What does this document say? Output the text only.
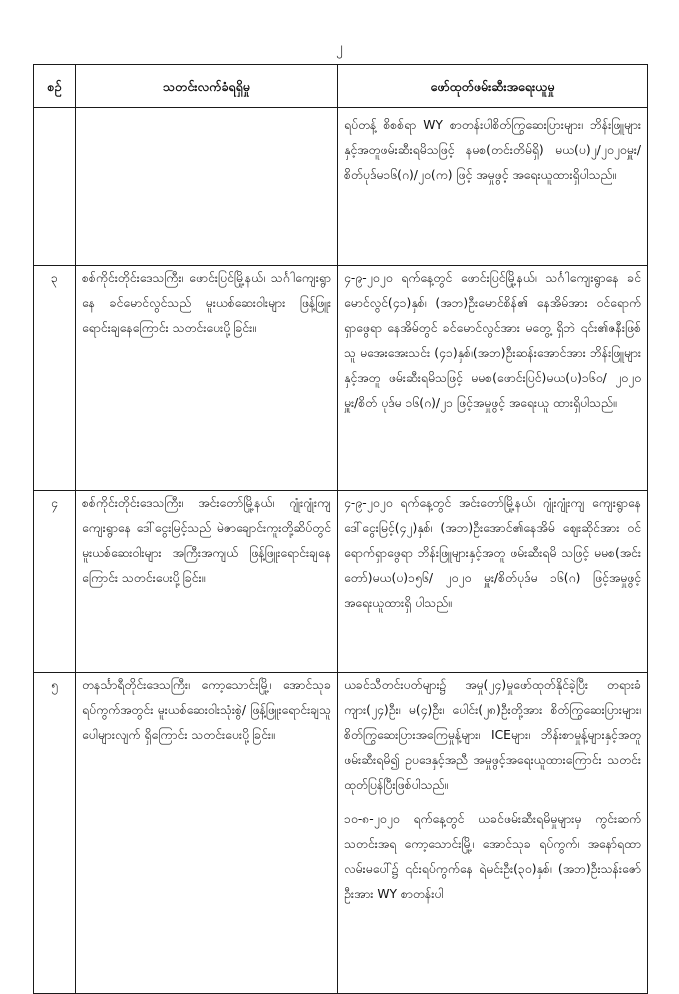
၂
စဉ်	သတင်းလက်ခံရရှိမှု	ဖော်ထုတ်ဖမ်းဆီးအရေးယူမှု

		ရပ်တန့် စိစစ်ရာ WY စာတန်းပါစိတ်ကြွဆေးပြားများ၊ ဘိန်းဖြူများနှင့်အတူဖမ်းဆီးရမိသဖြင့် နမစ(တင်းတိမ်ရှိ) မယ(ပ)၂/၂၀၂၀မှူး/စိတ်ပုဒ်မ၁၆(ဂ)/၂၀(က) ဖြင့် အမှုဖွင့် အရေးယူထားရှိပါသည်။

၃	စစ်ကိုင်းတိုင်းဒေသကြီး၊ ဖောင်းပြင်မြို့နယ်၊ သင်္ဂါကျေးရွာနေ ခင်မောင်လွင်သည် မူးယစ်ဆေးဝါးများ ဖြန့်ဖြူးရောင်းချနေကြောင်း သတင်းပေးပို့ခြင်း။	၄-၉-၂၀၂၀ ရက်နေ့တွင် ဖောင်းပြင်မြို့နယ်၊ သင်္ဂါကျေးရွာနေ ခင်မောင်လွင်(၄၁)နှစ်၊ (အဘ)ဦးမောင်စိန်၏ နေအိမ်အား ဝင်ရောက်ရှာဖွေရာ နေအိမ်တွင် ခင်မောင်လွင်အား မတွေ့ ရှိဘဲ ၎င်း၏ဇနီးဖြစ်သူ မအေးအေးသင်း (၄၁)နှစ်၊(အဘ)ဦးဆန်းအောင်အား ဘိန်းဖြူများနှင့်အတူ ဖမ်းဆီးရမိသဖြင့် မမစ(ဖောင်းပြင်)မယ(ပ)၁၆၀/ ၂၀၂၀ မှူး/စိတ် ပုဒ်မ ၁၆(ဂ)/၂၁ ဖြင့်အမှုဖွင့် အရေးယူ ထားရှိပါသည်။

၄	စစ်ကိုင်းတိုင်းဒေသကြီး၊ အင်းတော်မြို့နယ်၊ ဂျုံးဂျုံးကျကျေးရွာနေ ဒေါ်ငွေးမြင့်သည် မဲဇာချောင်းကူးတို့ဆိပ်တွင် မူးယစ်ဆေးဝါးများ အကြီးအကျယ် ဖြန့်ဖြူးရောင်းချနေကြောင်း သတင်းပေးပို့ခြင်း။	၄-၉-၂၀၂၀ ရက်နေ့တွင် အင်းတော်မြို့နယ်၊ ဂျုံးဂျုံးကျ ကျေးရွာနေ ဒေါ်ငွေးမြင့်(၄၂)နှစ်၊ (အဘ)ဦးအောင်၏နေအိမ် ဈေးဆိုင်အား ဝင်ရောက်ရှာဖွေရာ ဘိန်းဖြူများနှင့်အတူ ဖမ်းဆီးရမိ သဖြင့် မမစ(အင်းတော်)မယ(ပ)၁၅၆/ ၂၀၂၀ မှူး/စိတ်ပုဒ်မ ၁၆(ဂ) ဖြင့်အမှုဖွင့် အရေးယူထားရှိ ပါသည်။

၅	တနင်္သာရီတိုင်းဒေသကြီး၊ ကော့သောင်းမြို့၊ အောင်သုခရပ်ကွက်အတွင်း မူးယစ်ဆေးဝါးသုံးစွဲ/ ဖြန့်ဖြူးရောင်းချသူ ပေါများလျက် ရှိကြောင်း သတင်းပေးပို့ခြင်း။	ယခင်သီတင်းပတ်များ၌ အမှု(၂၄)မှုဖော်ထုတ်နိုင်ခဲ့ပြီး တရားခံ ကျား(၂၄)ဦး၊ မ(၄)ဦး၊ ပေါင်း(၂၈)ဦးတို့အား စိတ်ကြွဆေးပြားများ၊ စိတ်ကြွဆေးပြားအကြေမှုန့်များ၊ ICEများ၊ ဘိန်းစာမှုန့်များနှင့်အတူ ဖမ်းဆီးရမိ၍ ဥပဒေနှင့်အညီ အမှုဖွင့်အရေးယူထားကြောင်း သတင်းထုတ်ပြန်ပြီးဖြစ်ပါသည်။
၁၀-၈-၂၀၂၀ ရက်နေ့တွင် ယခင်ဖမ်းဆီးရမိမှုများမှ ကွင်းဆက်သတင်းအရ ကော့သောင်းမြို့၊ အောင်သုခ ရပ်ကွက်၊ အနော်ရထာလမ်းမပေါ်၌ ၎င်းရပ်ကွက်နေ ရဲမင်းဦး(၃၀)နှစ်၊ (အဘ)ဦးသန်းဇော်ဦးအား WY စာတန်းပါ
